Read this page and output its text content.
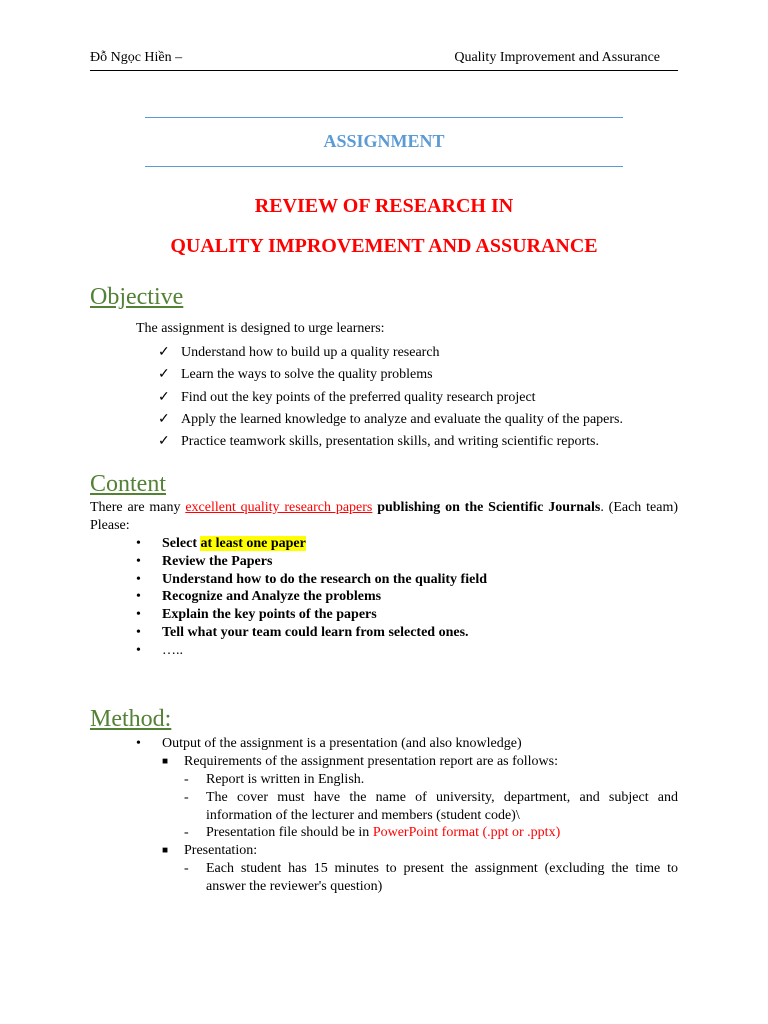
Đỗ Ngọc Hiền –	Quality Improvement and Assurance
ASSIGNMENT
REVIEW OF RESEARCH IN
QUALITY IMPROVEMENT AND ASSURANCE
Objective
The assignment is designed to urge learners:
✓ Understand how to build up a quality research
✓ Learn the ways to solve the quality problems
✓ Find out the key points of the preferred quality research project
✓ Apply the learned knowledge to analyze and evaluate the quality of the papers.
✓ Practice teamwork skills, presentation skills, and writing scientific reports.
Content
There are many excellent quality research papers publishing on the Scientific Journals. (Each team) Please:
• Select at least one paper
• Review the Papers
• Understand how to do the research on the quality field
• Recognize and Analyze the problems
• Explain the key points of the papers
• Tell what your team could learn from selected ones.
• …..
Method:
• Output of the assignment is a presentation (and also knowledge)
■ Requirements of the assignment presentation report are as follows:
- Report is written in English.
- The cover must have the name of university, department, and subject and information of the lecturer and members (student code)\
- Presentation file should be in PowerPoint format (.ppt or .pptx)
■ Presentation:
- Each student has 15 minutes to present the assignment (excluding the time to answer the reviewer's question)
